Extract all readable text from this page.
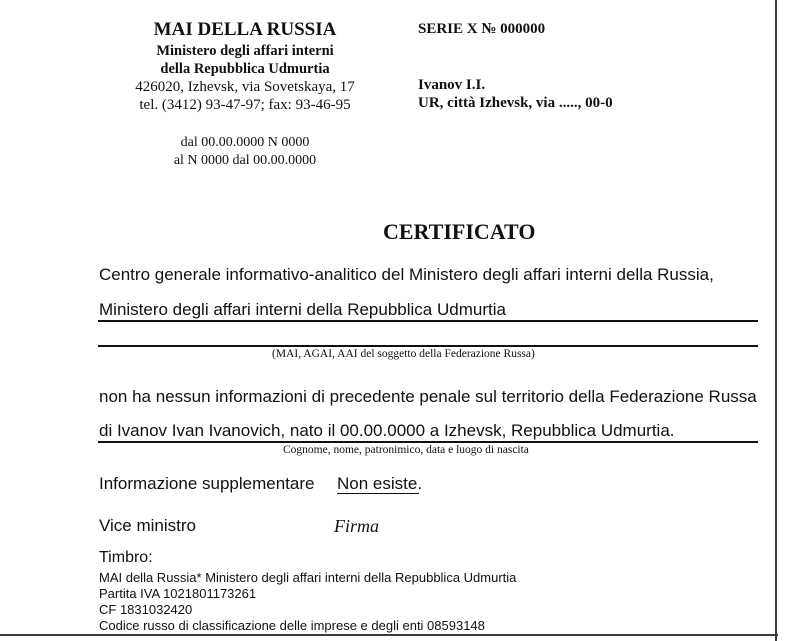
MAI DELLA RUSSIA
Ministero degli affari interni
della Repubblica Udmurtia
426020, Izhevsk, via Sovetskaya, 17
tel. (3412) 93-47-97; fax: 93-46-95
dal 00.00.0000 N 0000
al N 0000 dal 00.00.0000
SERIE X № 000000
Ivanov I.I.
UR, città Izhevsk, via ....., 00-0
CERTIFICATO
Centro generale informativo-analitico del Ministero degli affari interni della Russia,
Ministero degli affari interni della Repubblica Udmurtia
(MAI, AGAI, AAI del soggetto della Federazione Russa)
non ha nessun informazioni di precedente penale sul territorio della Federazione Russa
di Ivanov Ivan Ivanovich, nato il 00.00.0000 a Izhevsk, Repubblica Udmurtia.
Cognome, nome, patronimico, data e luogo di nascita
Informazione supplementare Non esiste.
Vice ministro	Firma
Timbro:
MAI della Russia* Ministero degli affari interni della Repubblica Udmurtia
Partita IVA 1021801173261
CF 1831032420
Codice russo di classificazione delle imprese e degli enti 08593148
